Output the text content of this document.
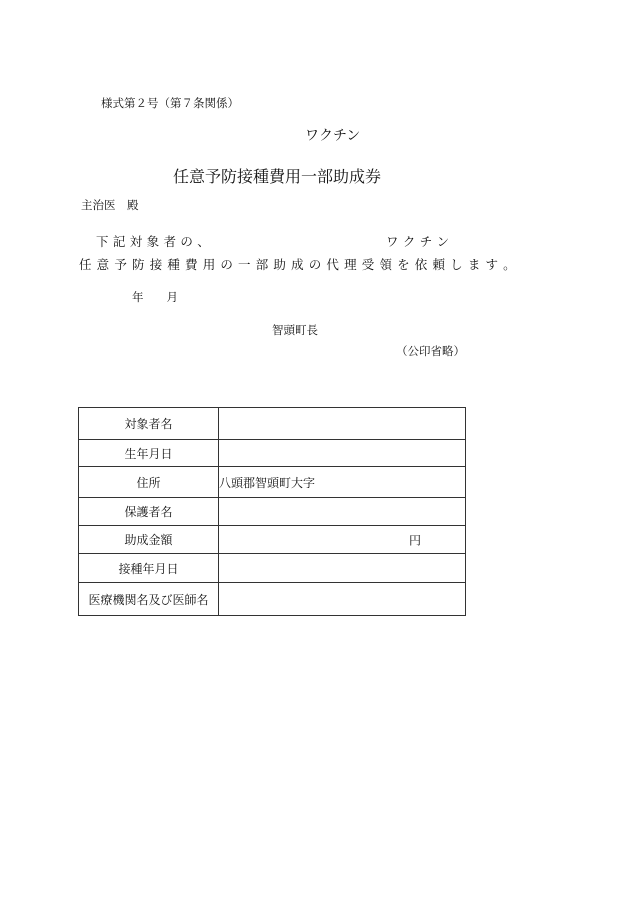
様式第２号（第７条関係）
ワクチン
任意予防接種費用一部助成券
主治医　殿
下 記 対 象 者 の 、	ワ ク チ ン
任 意 予 防 接 種 費 用 の 一 部 助 成 の 代 理 受 領 を 依 頼 し ま す 。
年　　月
智頭町長
（公印省略）
対象者名	
生年月日	
住所	八頭郡智頭町大字
保護者名	
助成金額	円

接種年月日	
医療機関名及び医師名	
